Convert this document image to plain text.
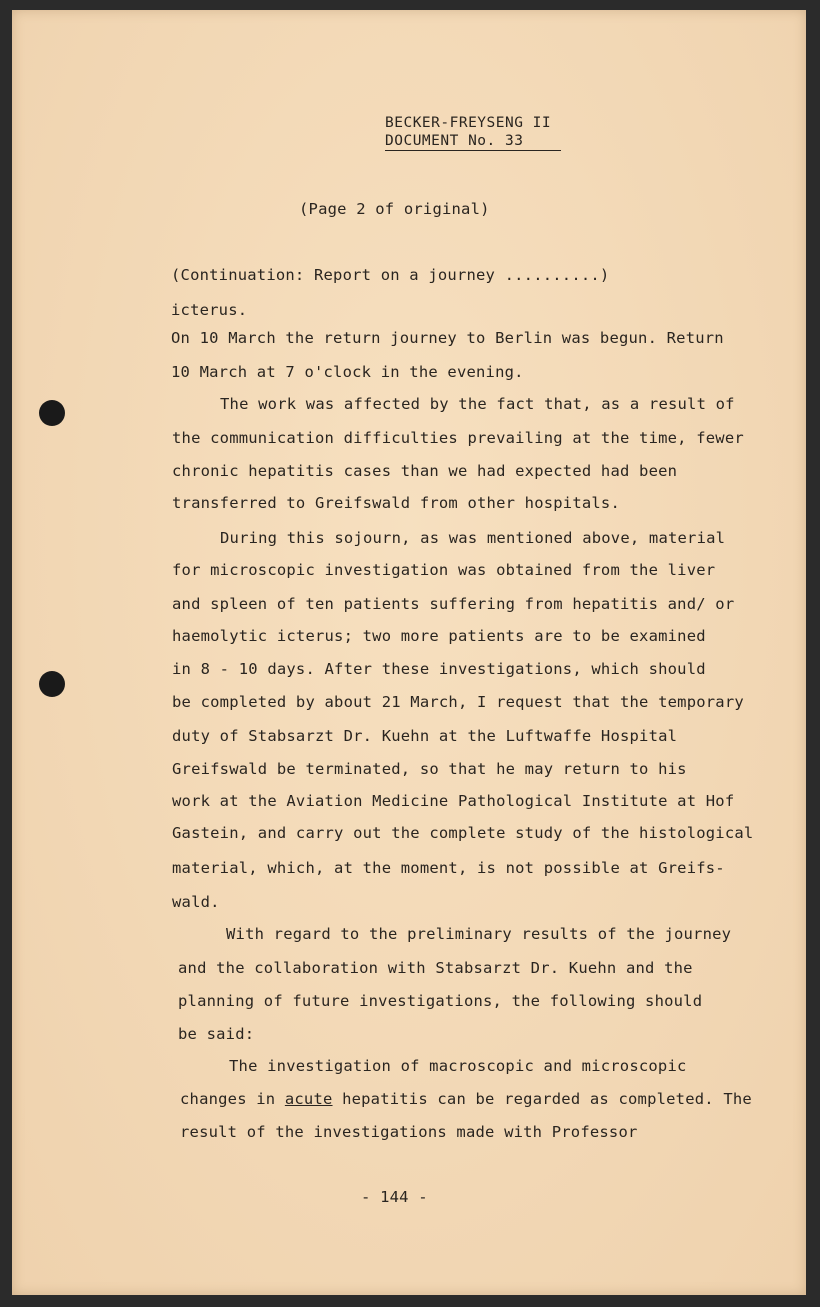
BECKER-FREYSENG II
DOCUMENT No. 33
(Page 2 of original)
(Continuation: Report on a journey ..........)
icterus.
On 10 March the return journey to Berlin was begun. Return
10 March at 7 o'clock in the evening.
The work was affected by the fact that, as a result of
the communication difficulties prevailing at the time, fewer
chronic hepatitis cases than we had expected had been
transferred to Greifswald from other hospitals.
During this sojourn, as was mentioned above, material
for microscopic investigation was obtained from the liver
and spleen of ten patients suffering from hepatitis and/ or
haemolytic icterus; two more patients are to be examined
in 8 - 10 days. After these investigations, which should
be completed by about 21 March, I request that the temporary
duty of Stabsarzt Dr. Kuehn at the Luftwaffe Hospital
Greifswald be terminated, so that he may return to his
work at the Aviation Medicine Pathological Institute at Hof
Gastein, and carry out the complete study of the histological
material, which, at the moment, is not possible at Greifs-
wald.
With regard to the preliminary results of the journey
and the collaboration with Stabsarzt Dr. Kuehn and the
planning of future investigations, the following should
be said:
The investigation of macroscopic and microscopic
changes in acute hepatitis can be regarded as completed. The
result of the investigations made with Professor
- 144 -
